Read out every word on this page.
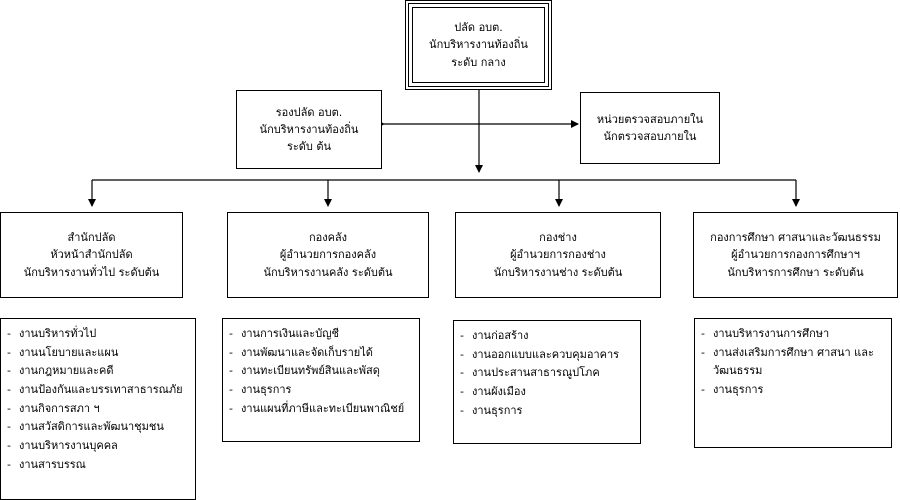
ปลัด อบต.
นักบริหารงานท้องถิ่น
ระดับ กลาง
รองปลัด อบต.
นักบริหารงานท้องถิ่น
ระดับ ต้น
หน่วยตรวจสอบภายใน
นักตรวจสอบภายใน
สำนักปลัด
หัวหน้าสำนักปลัด
นักบริหารงานทั่วไป ระดับต้น
กองคลัง
ผู้อำนวยการกองคลัง
นักบริหารงานคลัง ระดับต้น
กองช่าง
ผู้อำนวยการกองช่าง
นักบริหารงานช่าง ระดับต้น
กองการศึกษา ศาสนาและวัฒนธรรม
ผู้อำนวยการกองการศึกษาฯ
นักบริหารการศึกษา ระดับต้น
- งานบริหารทั่วไป
- งานนโยบายและแผน
- งานกฎหมายและคดี
- งานป้องกันและบรรเทาสาธารณภัย
- งานกิจการสภา ฯ
- งานสวัสดิการและพัฒนาชุมชน
- งานบริหารงานบุคคล
- งานสารบรรณ
- งานการเงินและบัญชี
- งานพัฒนาและจัดเก็บรายได้
- งานทะเบียนทรัพย์สินและพัสดุ
- งานธุรการ
- งานแผนที่ภาษีและทะเบียนพาณิชย์
- งานก่อสร้าง
- งานออกแบบและควบคุมอาคาร
- งานประสานสาธารณูปโภค
- งานผังเมือง
- งานธุรการ
- งานบริหารงานการศึกษา
- งานส่งเสริมการศึกษา ศาสนา และวัฒนธรรม
- งานธุรการ
